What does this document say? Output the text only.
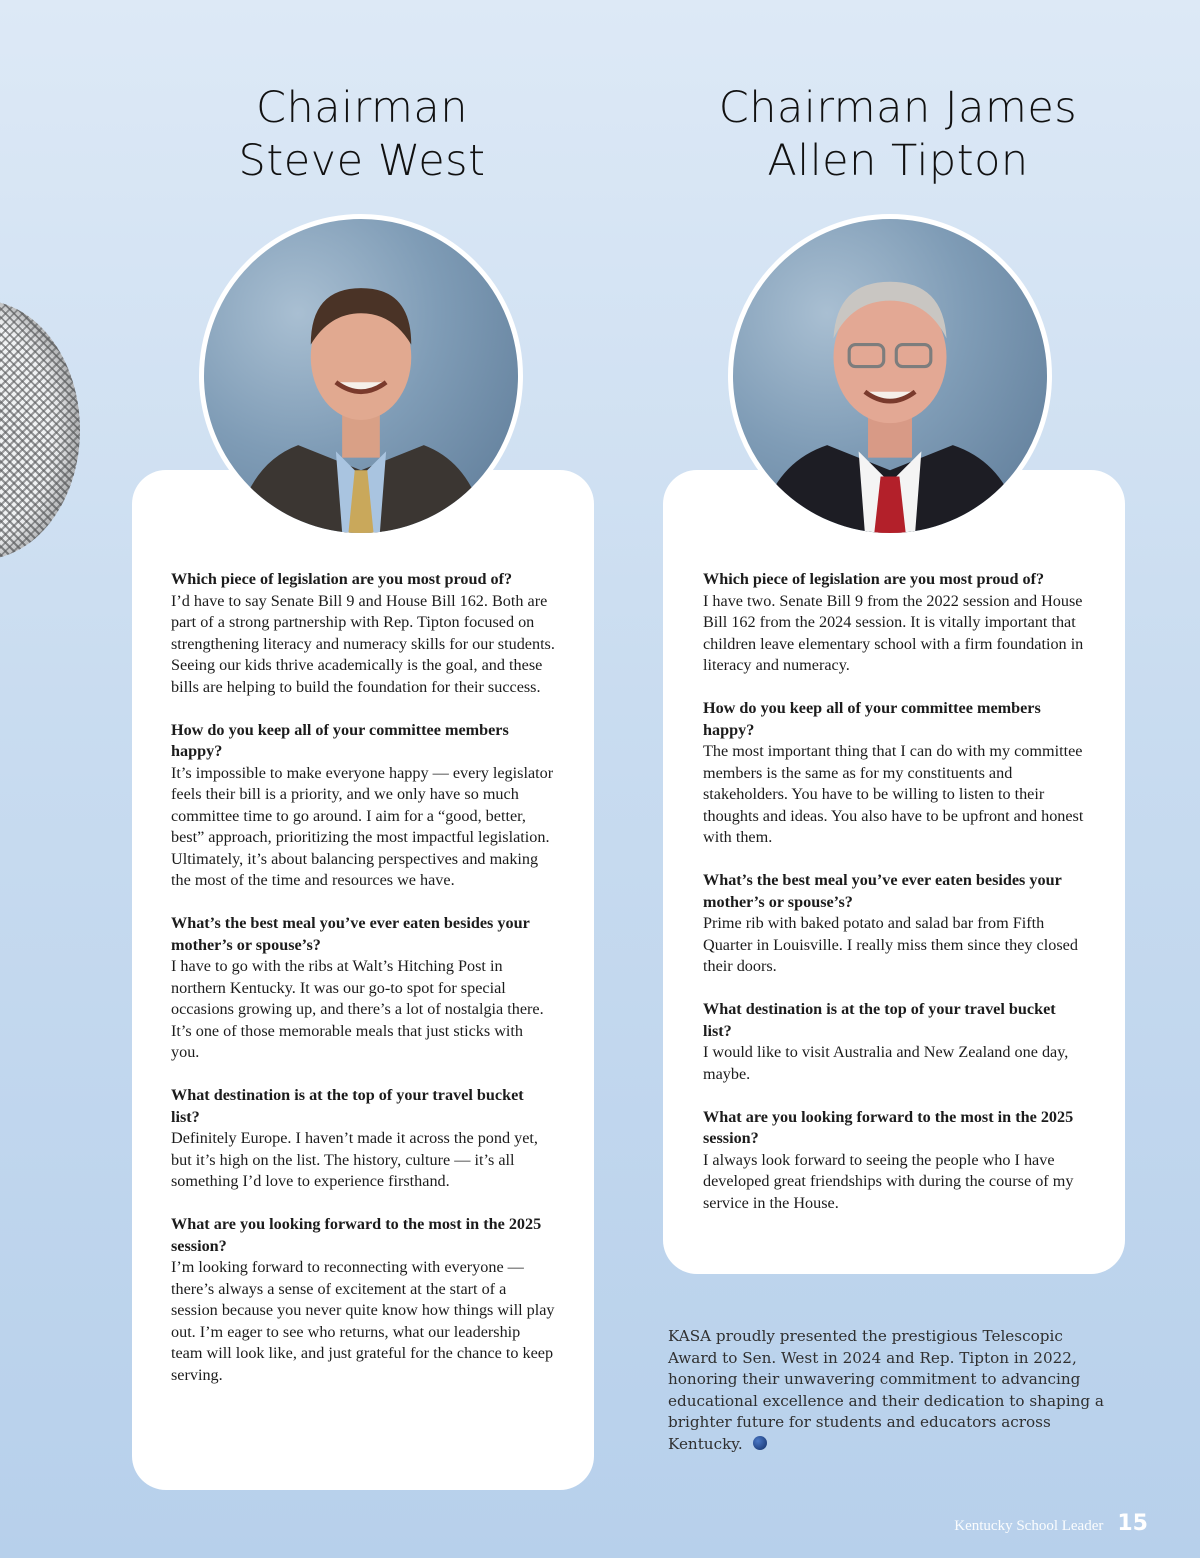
Chairman
Steve West
Chairman James
Allen Tipton
Which piece of legislation are you most proud of?
I’d have to say Senate Bill 9 and House Bill 162. Both are part of a strong partnership with Rep. Tipton focused on strengthening literacy and numeracy skills for our students. Seeing our kids thrive academically is the goal, and these bills are helping to build the foundation for their success.
How do you keep all of your committee members happy?
It’s impossible to make everyone happy — every legislator feels their bill is a priority, and we only have so much committee time to go around. I aim for a “good, better, best” approach, prioritizing the most impactful legislation. Ultimately, it’s about balancing perspectives and making the most of the time and resources we have.
What’s the best meal you’ve ever eaten besides your mother’s or spouse’s?
I have to go with the ribs at Walt’s Hitching Post in northern Kentucky. It was our go-to spot for special occasions growing up, and there’s a lot of nostalgia there. It’s one of those memorable meals that just sticks with you.
What destination is at the top of your travel bucket list?
Definitely Europe. I haven’t made it across the pond yet, but it’s high on the list. The history, culture — it’s all something I’d love to experience firsthand.
What are you looking forward to the most in the 2025 session?
I’m looking forward to reconnecting with everyone — there’s always a sense of excitement at the start of a session because you never quite know how things will play out. I’m eager to see who returns, what our leadership team will look like, and just grateful for the chance to keep serving.
Which piece of legislation are you most proud of?
I have two. Senate Bill 9 from the 2022 session and House Bill 162 from the 2024 session. It is vitally important that children leave elementary school with a firm foundation in literacy and numeracy.
How do you keep all of your committee members happy?
The most important thing that I can do with my committee members is the same as for my constituents and stakeholders. You have to be willing to listen to their thoughts and ideas. You also have to be upfront and honest with them.
What’s the best meal you’ve ever eaten besides your mother’s or spouse’s?
Prime rib with baked potato and salad bar from Fifth Quarter in Louisville. I really miss them since they closed their doors.
What destination is at the top of your travel bucket list?
I would like to visit Australia and New Zealand one day, maybe.
What are you looking forward to the most in the 2025 session?
I always look forward to seeing the people who I have developed great friendships with during the course of my service in the House.
KASA proudly presented the prestigious Telescopic Award to Sen. West in 2024 and Rep. Tipton in 2022, honoring their unwavering commitment to advancing educational excellence and their dedication to shaping a brighter future for students and educators across Kentucky.
Kentucky School Leader 15
